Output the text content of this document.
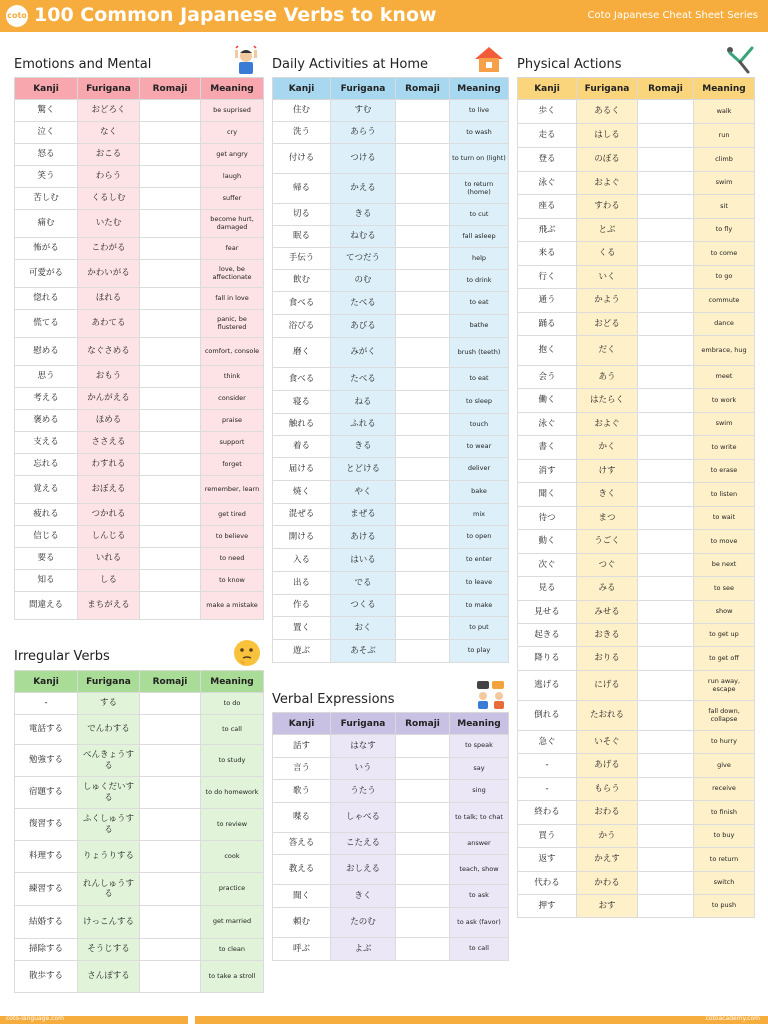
coto 100 Common Japanese Verbs to know	Coto Japanese Cheat Sheet Series
Emotions and Mental
Kanji	Furigana	Romaji	Meaning
驚く	おどろく		be suprised
泣く	なく		cry
怒る	おこる		get angry
笑う	わらう		laugh
苦しむ	くるしむ		suffer
痛む	いたむ		become hurt, damaged
怖がる	こわがる		fear
可愛がる	かわいがる		love, be affectionate
惚れる	ほれる		fall in love
慌てる	あわてる		panic, be flustered
慰める	なぐさめる		comfort, console
思う	おもう		think
考える	かんがえる		consider
褒める	ほめる		praise
支える	ささえる		support
忘れる	わすれる		forget
覚える	おぼえる		remember, learn
疲れる	つかれる		get tired
信じる	しんじる		to believe
要る	いれる		to need
知る	しる		to know
間違える	まちがえる		make a mistake
Irregular Verbs
Kanji	Furigana	Romaji	Meaning
-	する		to do
電話する	でんわする		to call
勉強する	べんきょうする		to study
宿題する	しゅくだいする		to do homework
復習する	ふくしゅうする		to review
料理する	りょうりする		cook
練習する	れんしゅうする		practice
結婚する	けっこんする		get married
掃除する	そうじする		to clean
散歩する	さんぽする		to take a stroll
Daily Activities at Home
Kanji	Furigana	Romaji	Meaning
住む	すむ		to live
洗う	あらう		to wash
付ける	つける		to turn on (light)
帰る	かえる		to return (home)
切る	きる		to cut
眠る	ねむる		fall asleep
手伝う	てつだう		help
飲む	のむ		to drink
食べる	たべる		to eat
浴びる	あびる		bathe
磨く	みがく		brush (teeth)
食べる	たべる		to eat
寝る	ねる		to sleep
触れる	ふれる		touch
着る	きる		to wear
届ける	とどける		deliver
焼く	やく		bake
混ぜる	まぜる		mix
開ける	あける		to open
入る	はいる		to enter
出る	でる		to leave
作る	つくる		to make
置く	おく		to put
遊ぶ	あそぶ		to play
Verbal Expressions
Kanji	Furigana	Romaji	Meaning
話す	はなす		to speak
言う	いう		say
歌う	うたう		sing
喋る	しゃべる		to talk; to chat
答える	こたえる		answer
教える	おしえる		teach, show
聞く	きく		to ask
頼む	たのむ		to ask (favor)
呼ぶ	よぶ		to call
Physical Actions
Kanji	Furigana	Romaji	Meaning
歩く	あるく		walk
走る	はしる		run
登る	のぼる		climb
泳ぐ	およぐ		swim
座る	すわる		sit
飛ぶ	とぶ		to fly
来る	くる		to come
行く	いく		to go
通う	かよう		commute
踊る	おどる		dance
抱く	だく		embrace, hug
会う	あう		meet
働く	はたらく		to work
泳ぐ	およぐ		swim
書く	かく		to write
消す	けす		to erase
聞く	きく		to listen
待つ	まつ		to wait
動く	うごく		to move
次ぐ	つぐ		be next
見る	みる		to see
見せる	みせる		show
起きる	おきる		to get up
降りる	おりる		to get off
逃げる	にげる		run away, escape
倒れる	たおれる		fall down, collapse
急ぐ	いそぐ		to hurry
-	あげる		give
-	もらう		receive
終わる	おわる		to finish
買う	かう		to buy
返す	かえす		to return
代わる	かわる		switch
押す	おす		to push
coto-language.com	cotoacademy.com
